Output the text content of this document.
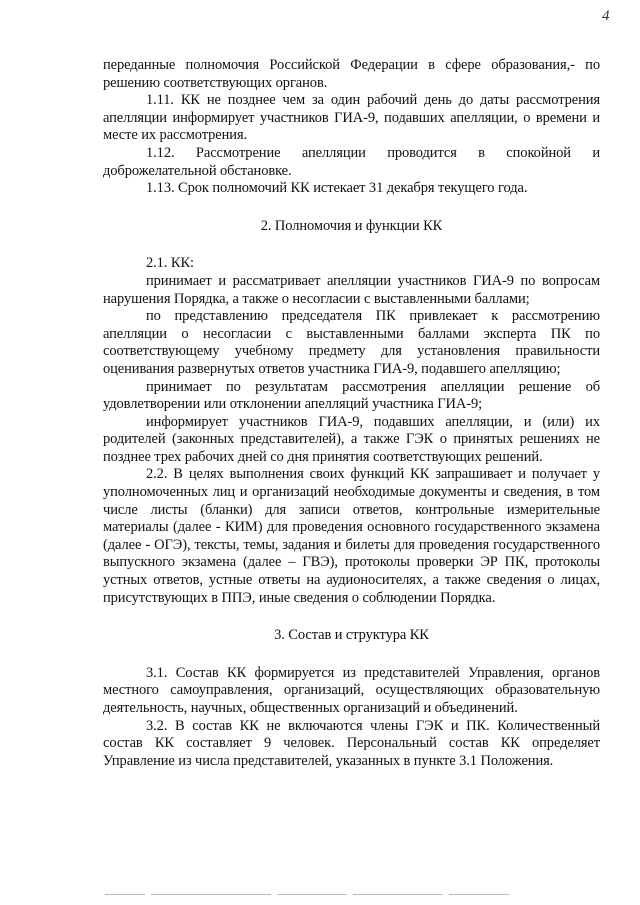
4

переданные полномочия Российской Федерации в сфере образования,- по решению соответствующих органов.

1.11. КК не позднее чем за один рабочий день до даты рассмотрения апелляции информирует участников ГИА-9, подавших апелляции, о времени и месте их рассмотрения.

1.12. Рассмотрение апелляции проводится в спокойной и доброжелательной обстановке.

1.13. Срок полномочий КК истекает 31 декабря текущего года.

2. Полномочия и функции КК

2.1. КК:

принимает и рассматривает апелляции участников ГИА-9 по вопросам нарушения Порядка, а также о несогласии с выставленными баллами;

по представлению председателя ПК привлекает к рассмотрению апелляции о несогласии с выставленными баллами эксперта ПК по соответствующему учебному предмету для установления правильности оценивания развернутых ответов участника ГИА-9, подавшего апелляцию;

принимает по результатам рассмотрения апелляции решение об удовлетворении или отклонении апелляций участника ГИА-9;

информирует участников ГИА-9, подавших апелляции, и (или) их родителей (законных представителей), а также ГЭК о принятых решениях не позднее трех рабочих дней со дня принятия соответствующих решений.

2.2. В целях выполнения своих функций КК запрашивает и получает у уполномоченных лиц и организаций необходимые документы и сведения, в том числе листы (бланки) для записи ответов, контрольные измерительные материалы (далее - КИМ) для проведения основного государственного экзамена (далее - ОГЭ), тексты, темы, задания и билеты для проведения государственного выпускного экзамена (далее – ГВЭ), протоколы проверки ЭР ПК, протоколы устных ответов, устные ответы на аудионосителях, а также сведения о лицах, присутствующих в ППЭ, иные сведения о соблюдении Порядка.

3. Состав и структура КК

3.1. Состав КК формируется из представителей Управления, органов местного самоуправления, организаций, осуществляющих образовательную деятельность, научных, общественных организаций и объединений.

3.2. В состав КК не включаются члены ГЭК и ПК. Количественный состав КК составляет 9 человек. Персональный состав КК определяет Управление из числа представителей, указанных в пункте 3.1 Положения.
